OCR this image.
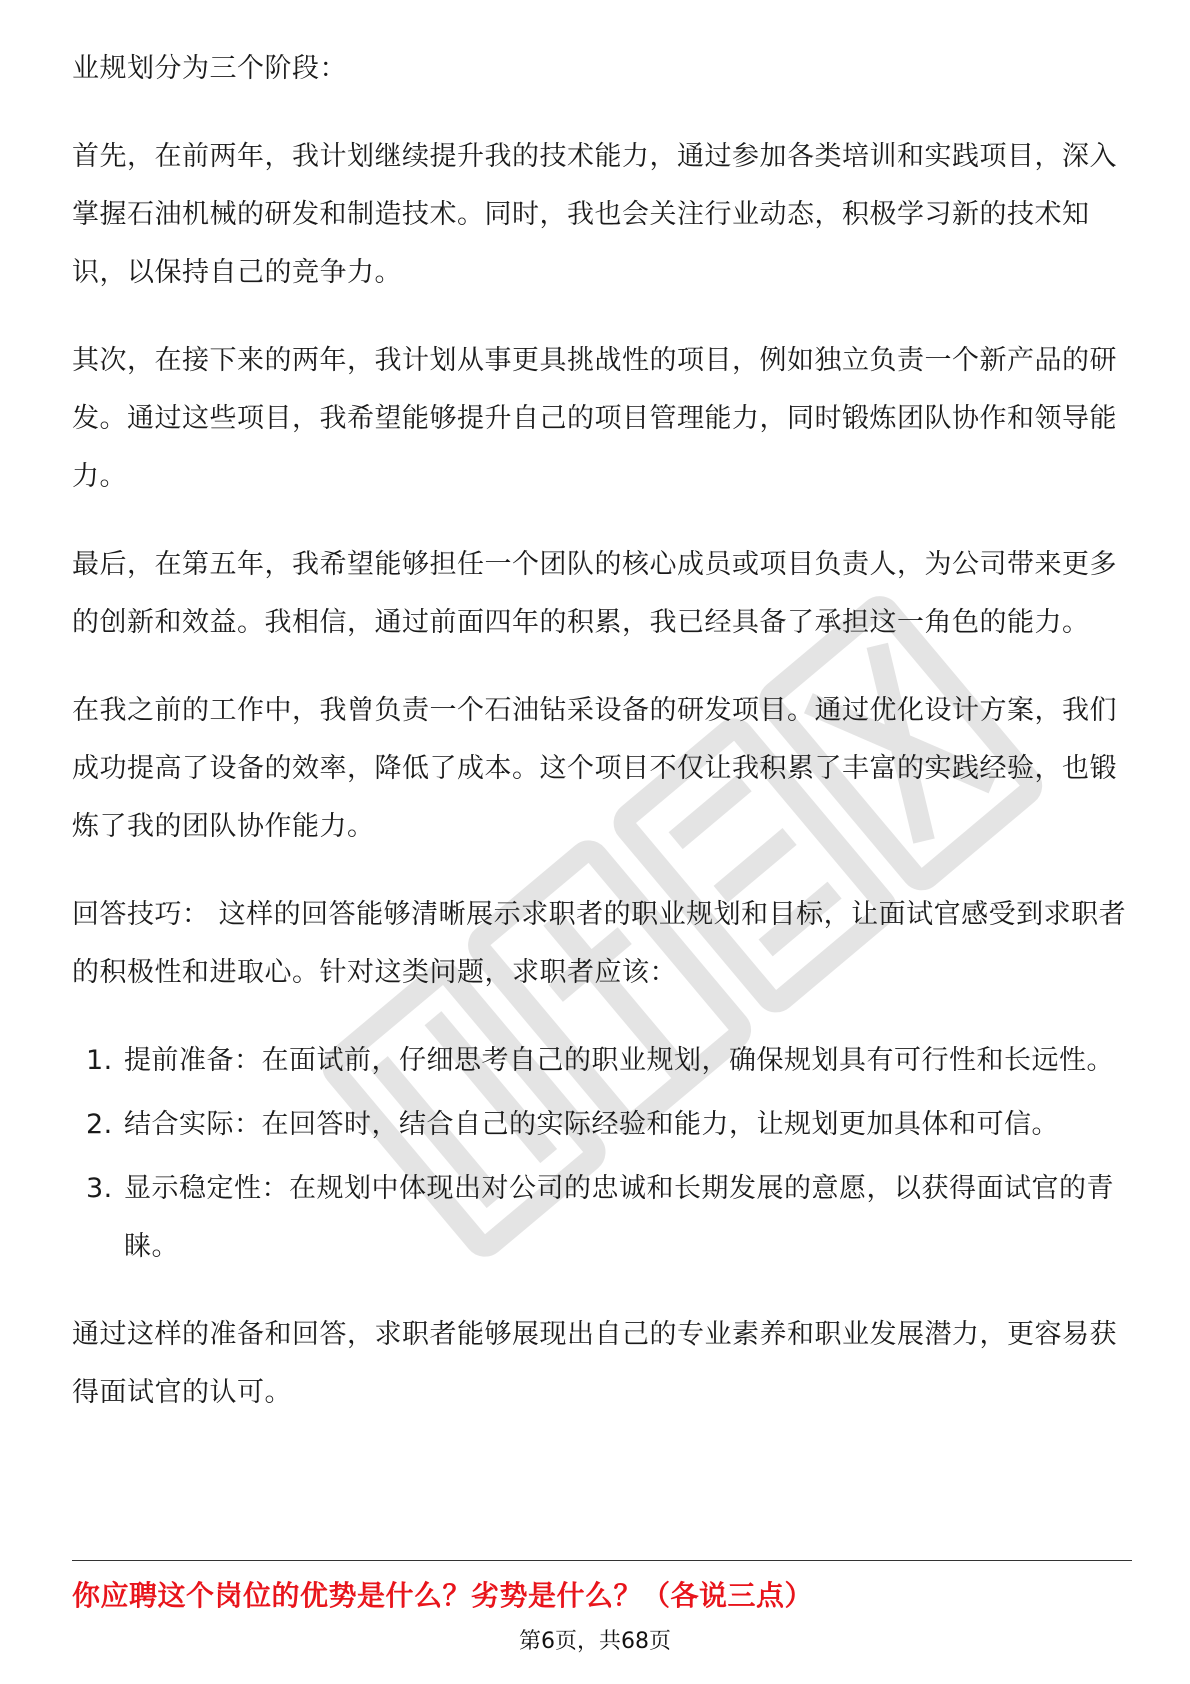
业规划分为三个阶段：

首先，在前两年，我计划继续提升我的技术能力，通过参加各类培训和实践项目，深入掌握石油机械的研发和制造技术。同时，我也会关注行业动态，积极学习新的技术知识，以保持自己的竞争力。

其次，在接下来的两年，我计划从事更具挑战性的项目，例如独立负责一个新产品的研发。通过这些项目，我希望能够提升自己的项目管理能力，同时锻炼团队协作和领导能力。

最后，在第五年，我希望能够担任一个团队的核心成员或项目负责人，为公司带来更多的创新和效益。我相信，通过前面四年的积累，我已经具备了承担这一角色的能力。

在我之前的工作中，我曾负责一个石油钻采设备的研发项目。通过优化设计方案，我们成功提高了设备的效率，降低了成本。这个项目不仅让我积累了丰富的实践经验，也锻炼了我的团队协作能力。

回答技巧： 这样的回答能够清晰展示求职者的职业规划和目标，让面试官感受到求职者的积极性和进取心。针对这类问题，求职者应该：

1. 提前准备：在面试前，仔细思考自己的职业规划，确保规划具有可行性和长远性。
2. 结合实际：在回答时，结合自己的实际经验和能力，让规划更加具体和可信。
3. 显示稳定性：在规划中体现出对公司的忠诚和长期发展的意愿，以获得面试官的青睐。

通过这样的准备和回答，求职者能够展现出自己的专业素养和职业发展潜力，更容易获得面试官的认可。

你应聘这个岗位的优势是什么？劣势是什么？（各说三点）
第6页，共68页
